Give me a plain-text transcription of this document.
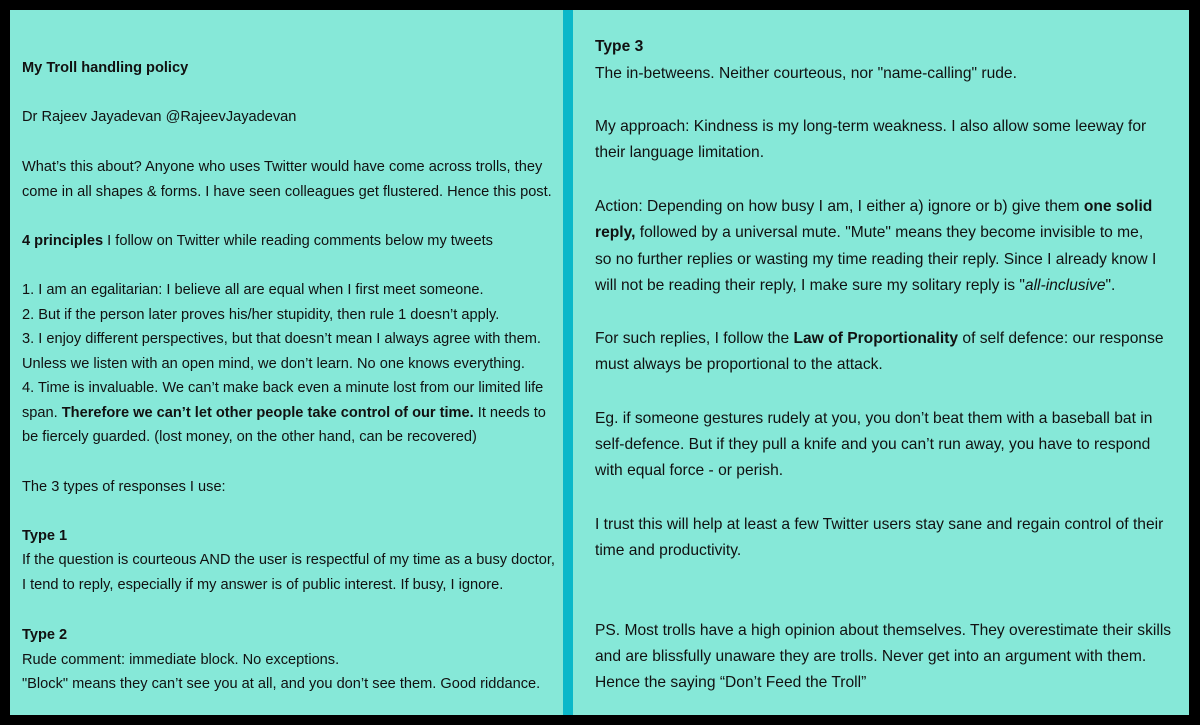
My Troll handling policy

Dr Rajeev Jayadevan @RajeevJayadevan

What’s this about? Anyone who uses Twitter would have come across trolls, they

come in all shapes & forms. I have seen colleagues get flustered. Hence this post.

4 principles I follow on Twitter while reading comments below my tweets

1. I am an egalitarian: I believe all are equal when I first meet someone.

2. But if the person later proves his/her stupidity, then rule 1 doesn’t apply.

3. I enjoy different perspectives, but that doesn’t mean I always agree with them.

Unless we listen with an open mind, we don’t learn. No one knows everything.

4. Time is invaluable. We can’t make back even a minute lost from our limited life

span. Therefore we can’t let other people take control of our time. It needs to

be fiercely guarded. (lost money, on the other hand, can be recovered)

The 3 types of responses I use:

Type 1

If the question is courteous AND the user is respectful of my time as a busy doctor,

I tend to reply, especially if my answer is of public interest. If busy, I ignore.

Type 2

Rude comment: immediate block. No exceptions.

"Block" means they can’t see you at all, and you don’t see them. Good riddance.

Type 3

The in-betweens. Neither courteous, nor "name-calling" rude.

My approach: Kindness is my long-term weakness. I also allow some leeway for

their language limitation.

Action: Depending on how busy I am, I either a) ignore or b) give them one solid

reply, followed by a universal mute. "Mute" means they become invisible to me,

so no further replies or wasting my time reading their reply. Since I already know I

will not be reading their reply, I make sure my solitary reply is "all-inclusive".

For such replies, I follow the Law of Proportionality of self defence: our response

must always be proportional to the attack.

Eg. if someone gestures rudely at you, you don’t beat them with a baseball bat in

self-defence. But if they pull a knife and you can’t run away, you have to respond

with equal force - or perish.

I trust this will help at least a few Twitter users stay sane and regain control of their

time and productivity.

PS. Most trolls have a high opinion about themselves. They overestimate their skills

and are blissfully unaware they are trolls. Never get into an argument with them.

Hence the saying “Don’t Feed the Troll”
